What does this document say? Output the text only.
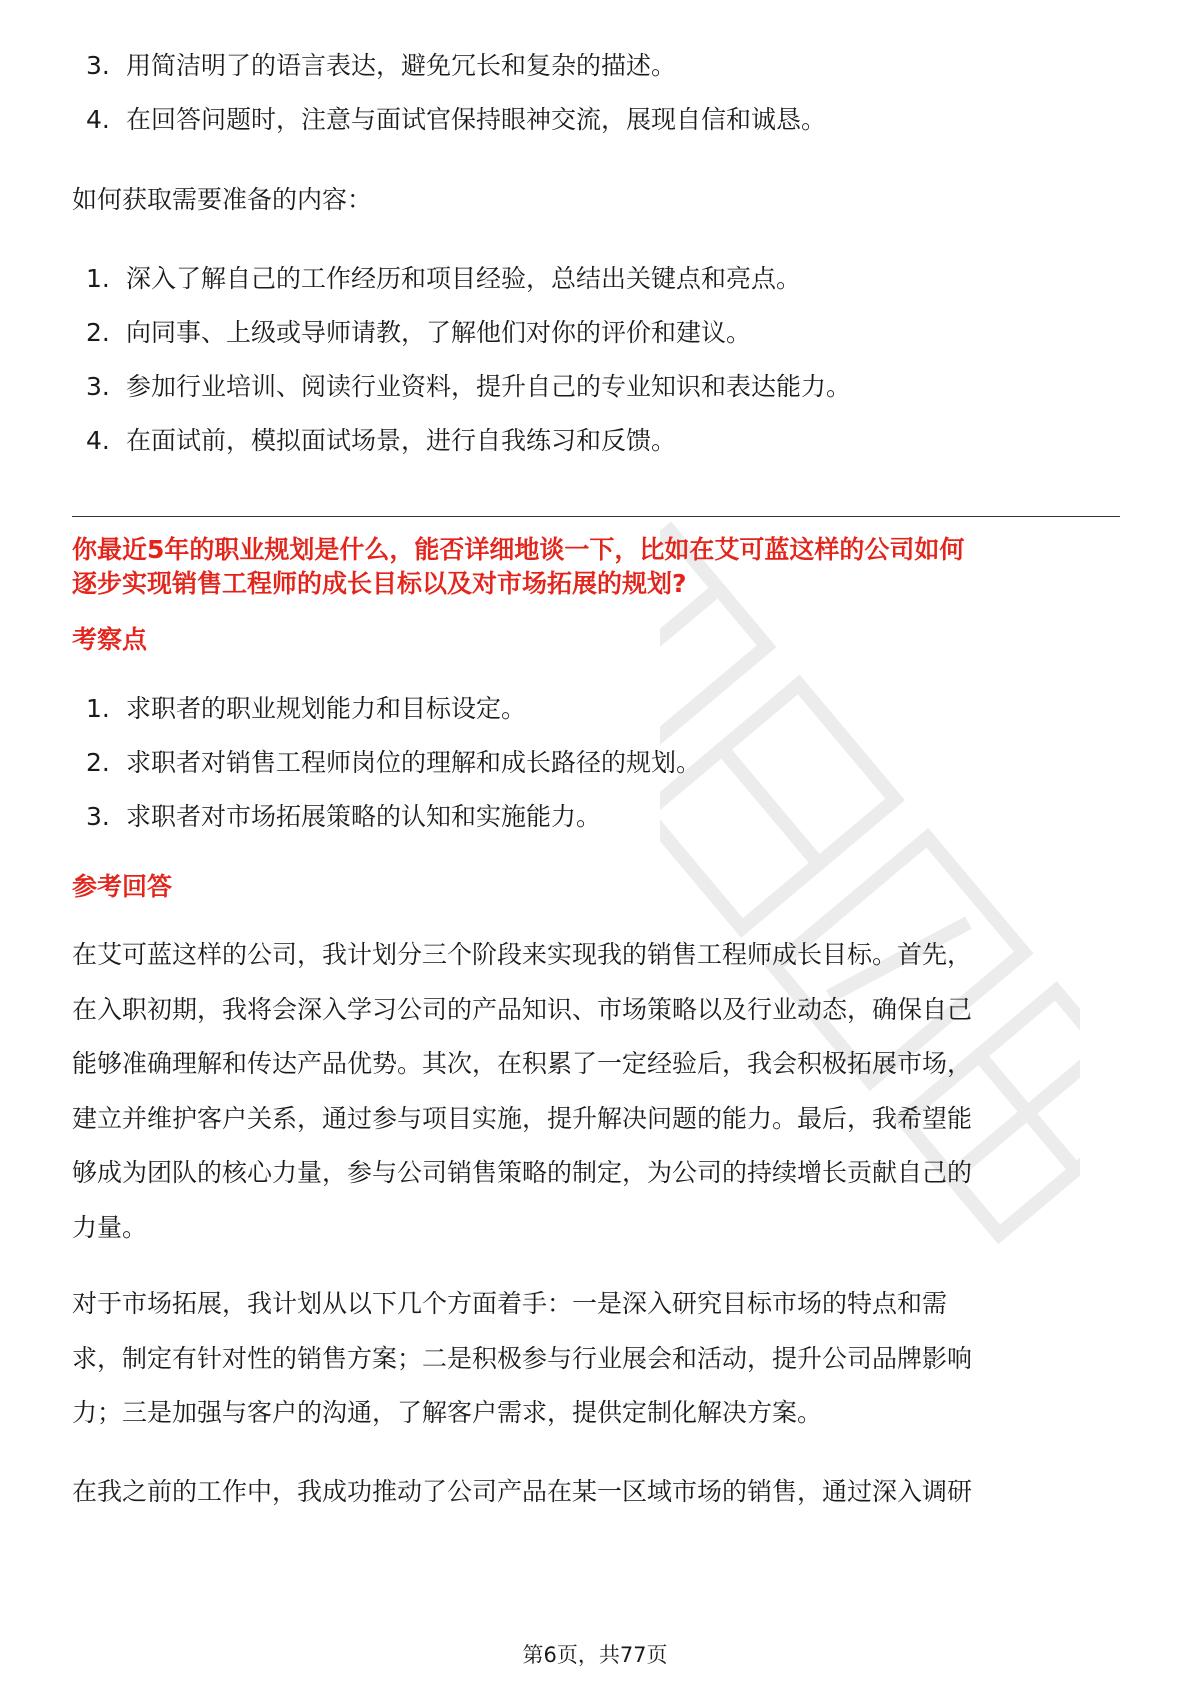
3. 用简洁明了的语言表达，避免冗长和复杂的描述。
4. 在回答问题时，注意与面试官保持眼神交流，展现自信和诚恳。
如何获取需要准备的内容：
1. 深入了解自己的工作经历和项目经验，总结出关键点和亮点。
2. 向同事、上级或导师请教，了解他们对你的评价和建议。
3. 参加行业培训、阅读行业资料，提升自己的专业知识和表达能力。
4. 在面试前，模拟面试场景，进行自我练习和反馈。
你最近5年的职业规划是什么，能否详细地谈一下，比如在艾可蓝这样的公司如何
逐步实现销售工程师的成长目标以及对市场拓展的规划?
考察点
1. 求职者的职业规划能力和目标设定。
2. 求职者对销售工程师岗位的理解和成长路径的规划。
3. 求职者对市场拓展策略的认知和实施能力。
参考回答
在艾可蓝这样的公司，我计划分三个阶段来实现我的销售工程师成长目标。首先，
在入职初期，我将会深入学习公司的产品知识、市场策略以及行业动态，确保自己
能够准确理解和传达产品优势。其次，在积累了一定经验后，我会积极拓展市场，
建立并维护客户关系，通过参与项目实施，提升解决问题的能力。最后，我希望能
够成为团队的核心力量，参与公司销售策略的制定，为公司的持续增长贡献自己的
力量。
对于市场拓展，我计划从以下几个方面着手：一是深入研究目标市场的特点和需
求，制定有针对性的销售方案；二是积极参与行业展会和活动，提升公司品牌影响
力；三是加强与客户的沟通，了解客户需求，提供定制化解决方案。
在我之前的工作中，我成功推动了公司产品在某一区域市场的销售，通过深入调研
第6页，共77页
